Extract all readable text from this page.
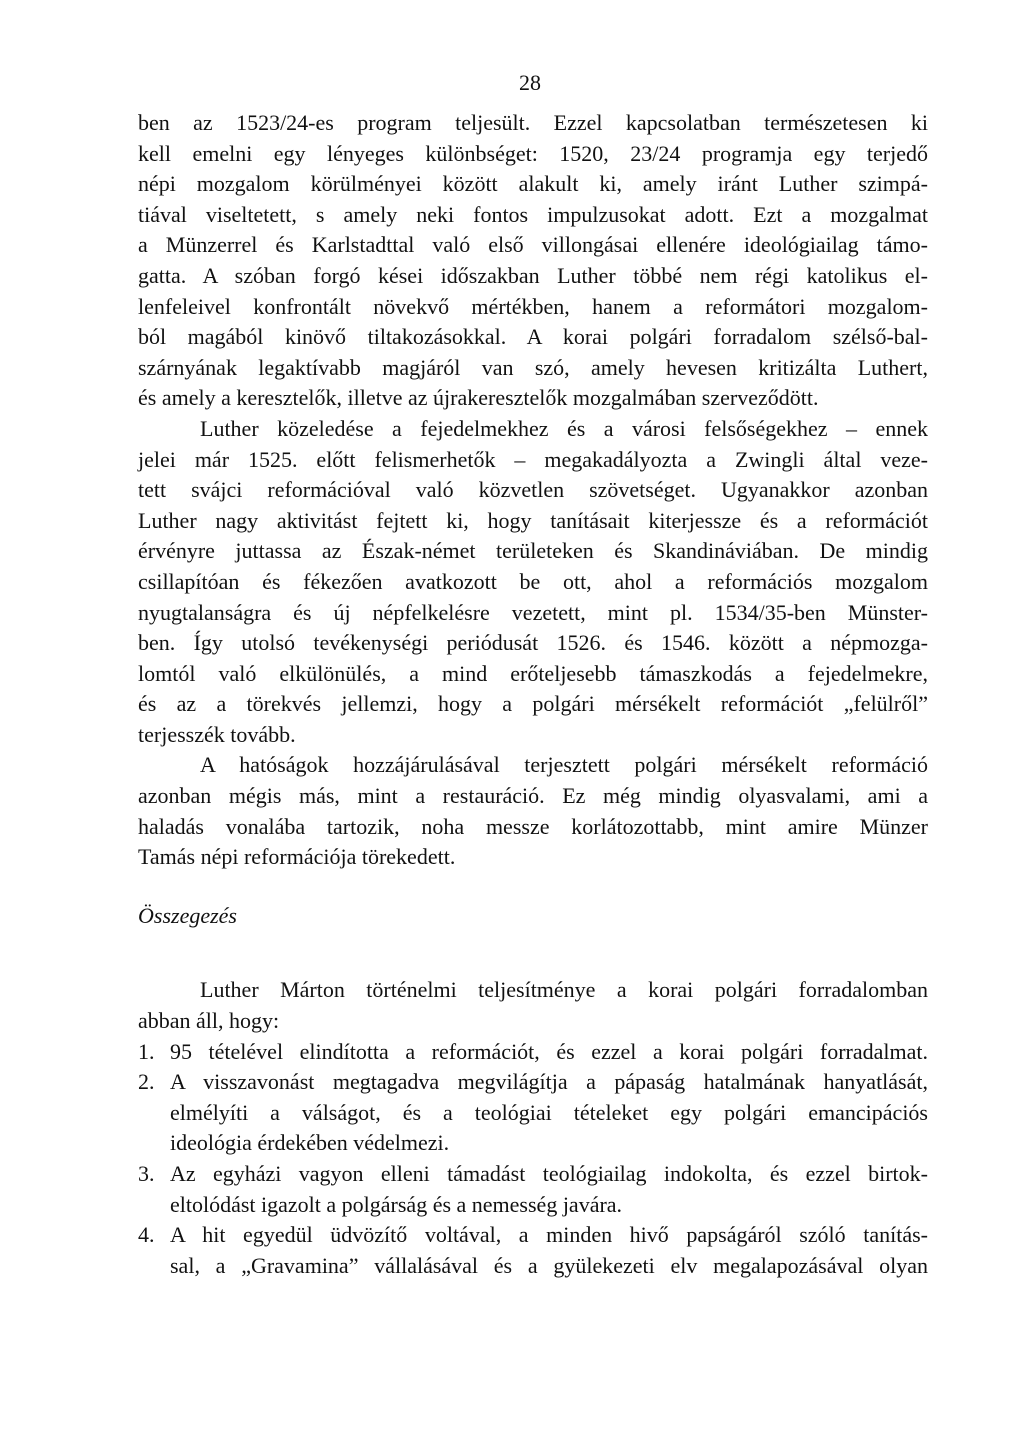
28
ben az 1523/24-es program teljesült. Ezzel kapcsolatban természetesen ki
kell emelni egy lényeges különbséget: 1520, 23/24 programja egy terjedő
népi mozgalom körülményei között alakult ki, amely iránt Luther szimpá-
tiával viseltetett, s amely neki fontos impulzusokat adott. Ezt a mozgalmat
a Münzerrel és Karlstadttal való első villongásai ellenére ideológiailag támo-
gatta. A szóban forgó kései időszakban Luther többé nem régi katolikus el-
lenfeleivel konfrontált növekvő mértékben, hanem a reformátori mozgalom-
ból magából kinövő tiltakozásokkal. A korai polgári forradalom szélső-bal-
szárnyának legaktívabb magjáról van szó, amely hevesen kritizálta Luthert,
és amely a keresztelők, illetve az újrakeresztelők mozgalmában szerveződött.
Luther közeledése a fejedelmekhez és a városi felsőségekhez – ennek
jelei már 1525. előtt felismerhetők – megakadályozta a Zwingli által veze-
tett svájci reformációval való közvetlen szövetséget. Ugyanakkor azonban
Luther nagy aktivitást fejtett ki, hogy tanításait kiterjessze és a reformációt
érvényre juttassa az Észak-német területeken és Skandináviában. De mindig
csillapítóan és fékezően avatkozott be ott, ahol a reformációs mozgalom
nyugtalanságra és új népfelkelésre vezetett, mint pl. 1534/35-ben Münster-
ben. Így utolsó tevékenységi periódusát 1526. és 1546. között a népmozga-
lomtól való elkülönülés, a mind erőteljesebb támaszkodás a fejedelmekre,
és az a törekvés jellemzi, hogy a polgári mérsékelt reformációt „felülről”
terjesszék tovább.
A hatóságok hozzájárulásával terjesztett polgári mérsékelt reformáció
azonban mégis más, mint a restauráció. Ez még mindig olyasvalami, ami a
haladás vonalába tartozik, noha messze korlátozottabb, mint amire Münzer
Tamás népi reformációja törekedett.
Összegezés
Luther Márton történelmi teljesítménye a korai polgári forradalomban
abban áll, hogy:
1. 95 tételével elindította a reformációt, és ezzel a korai polgári forradalmat.
2. A visszavonást megtagadva megvilágítja a pápaság hatalmának hanyatlását,
elmélyíti a válságot, és a teológiai tételeket egy polgári emancipációs
ideológia érdekében védelmezi.
3. Az egyházi vagyon elleni támadást teológiailag indokolta, és ezzel birtok-
eltolódást igazolt a polgárság és a nemesség javára.
4. A hit egyedül üdvözítő voltával, a minden hivő papságáról szóló tanítás-
sal, a „Gravamina” vállalásával és a gyülekezeti elv megalapozásával olyan
